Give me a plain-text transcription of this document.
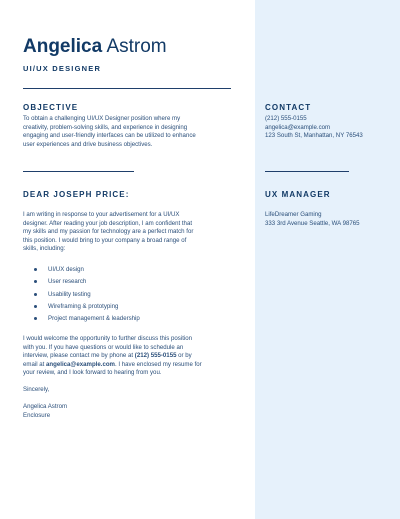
Angelica Astrom
UI/UX DESIGNER
OBJECTIVE
To obtain a challenging UI/UX Designer position where my
creativity, problem-solving skills, and experience in designing
engaging and user-friendly interfaces can be utilized to enhance
user experiences and drive business objectives.
CONTACT
(212) 555-0155
angelica@example.com
123 South St, Manhattan, NY 76543
DEAR JOSEPH PRICE:
I am writing in response to your advertisement for a UI/UX
designer. After reading your job description, I am confident that
my skills and my passion for technology are a perfect match for
this position. I would bring to your company a broad range of
skills, including:
UI/UX design
User research
Usability testing
Wireframing & prototyping
Project management & leadership
I would welcome the opportunity to further discuss this position
with you. If you have questions or would like to schedule an
interview, please contact me by phone at (212) 555-0155 or by
email at angelica@example.com. I have enclosed my resume for
your review, and I look forward to hearing from you.
Sincerely,
Angelica Astrom
Enclosure
UX MANAGER
LifeDreamer Gaming
333 3rd Avenue Seattle, WA 98765
